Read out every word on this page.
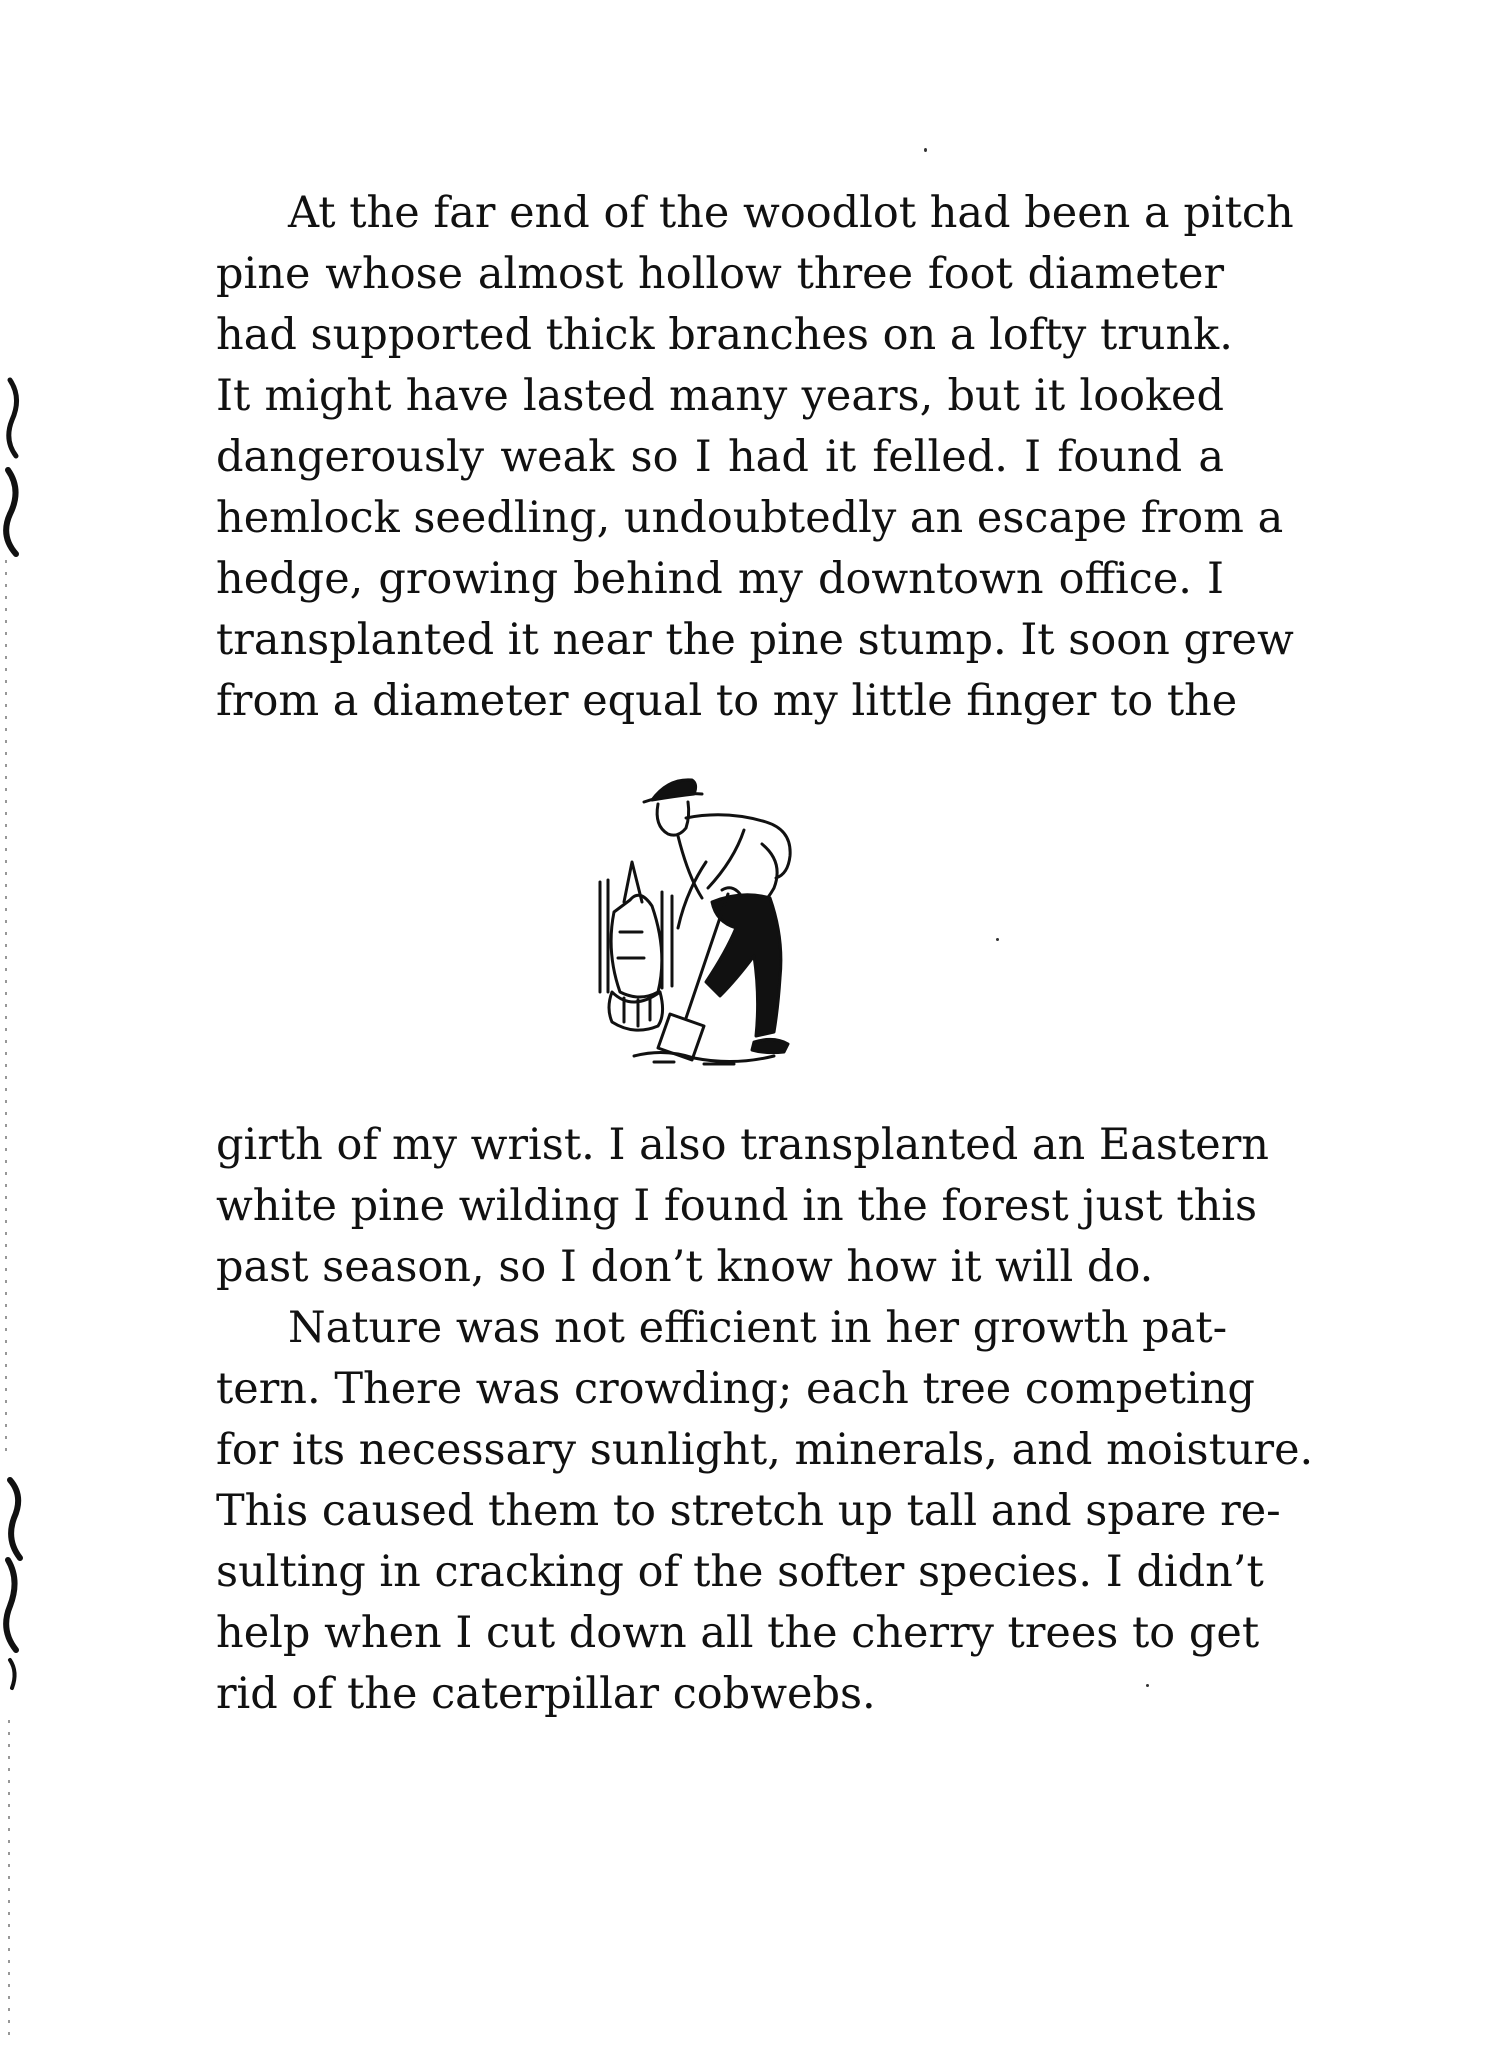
At the far end of the woodlot had been a pitch
pine whose almost hollow three foot diameter
had supported thick branches on a lofty trunk.
It might have lasted many years, but it looked
dangerously weak so I had it felled. I found a
hemlock seedling, undoubtedly an escape from a
hedge, growing behind my downtown office. I
transplanted it near the pine stump. It soon grew
from a diameter equal to my little finger to the
girth of my wrist. I also transplanted an Eastern
white pine wilding I found in the forest just this
past season, so I don’t know how it will do.
Nature was not efficient in her growth pat-
tern. There was crowding; each tree competing
for its necessary sunlight, minerals, and moisture.
This caused them to stretch up tall and spare re-
sulting in cracking of the softer species. I didn’t
help when I cut down all the cherry trees to get
rid of the caterpillar cobwebs.
